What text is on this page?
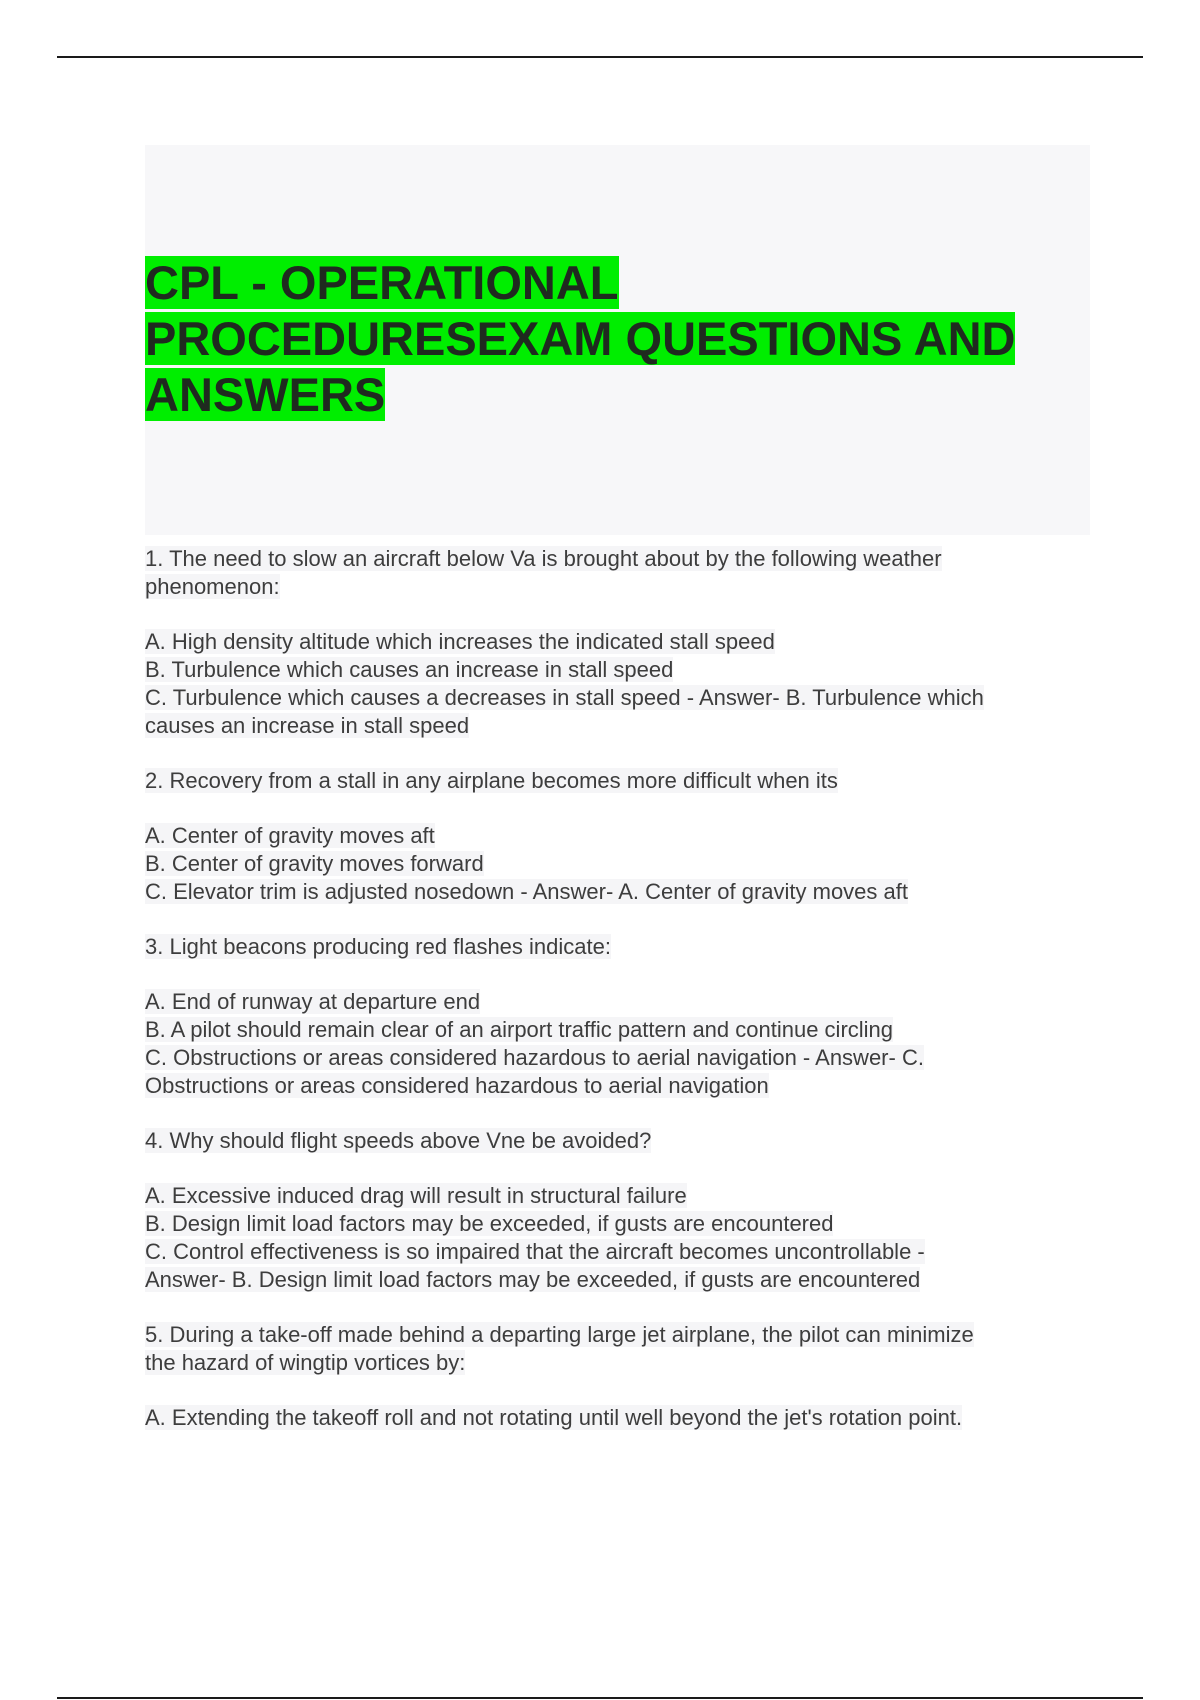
CPL - OPERATIONAL
PROCEDURESEXAM QUESTIONS AND
ANSWERS
1. The need to slow an aircraft below Va is brought about by the following weather
phenomenon:
A. High density altitude which increases the indicated stall speed
B. Turbulence which causes an increase in stall speed
C. Turbulence which causes a decreases in stall speed - Answer- B. Turbulence which
causes an increase in stall speed
2. Recovery from a stall in any airplane becomes more difficult when its
A. Center of gravity moves aft
B. Center of gravity moves forward
C. Elevator trim is adjusted nosedown - Answer- A. Center of gravity moves aft
3. Light beacons producing red flashes indicate:
A. End of runway at departure end
B. A pilot should remain clear of an airport traffic pattern and continue circling
C. Obstructions or areas considered hazardous to aerial navigation - Answer- C.
Obstructions or areas considered hazardous to aerial navigation
4. Why should flight speeds above Vne be avoided?
A. Excessive induced drag will result in structural failure
B. Design limit load factors may be exceeded, if gusts are encountered
C. Control effectiveness is so impaired that the aircraft becomes uncontrollable -
Answer- B. Design limit load factors may be exceeded, if gusts are encountered
5. During a take-off made behind a departing large jet airplane, the pilot can minimize
the hazard of wingtip vortices by:
A. Extending the takeoff roll and not rotating until well beyond the jet's rotation point.
